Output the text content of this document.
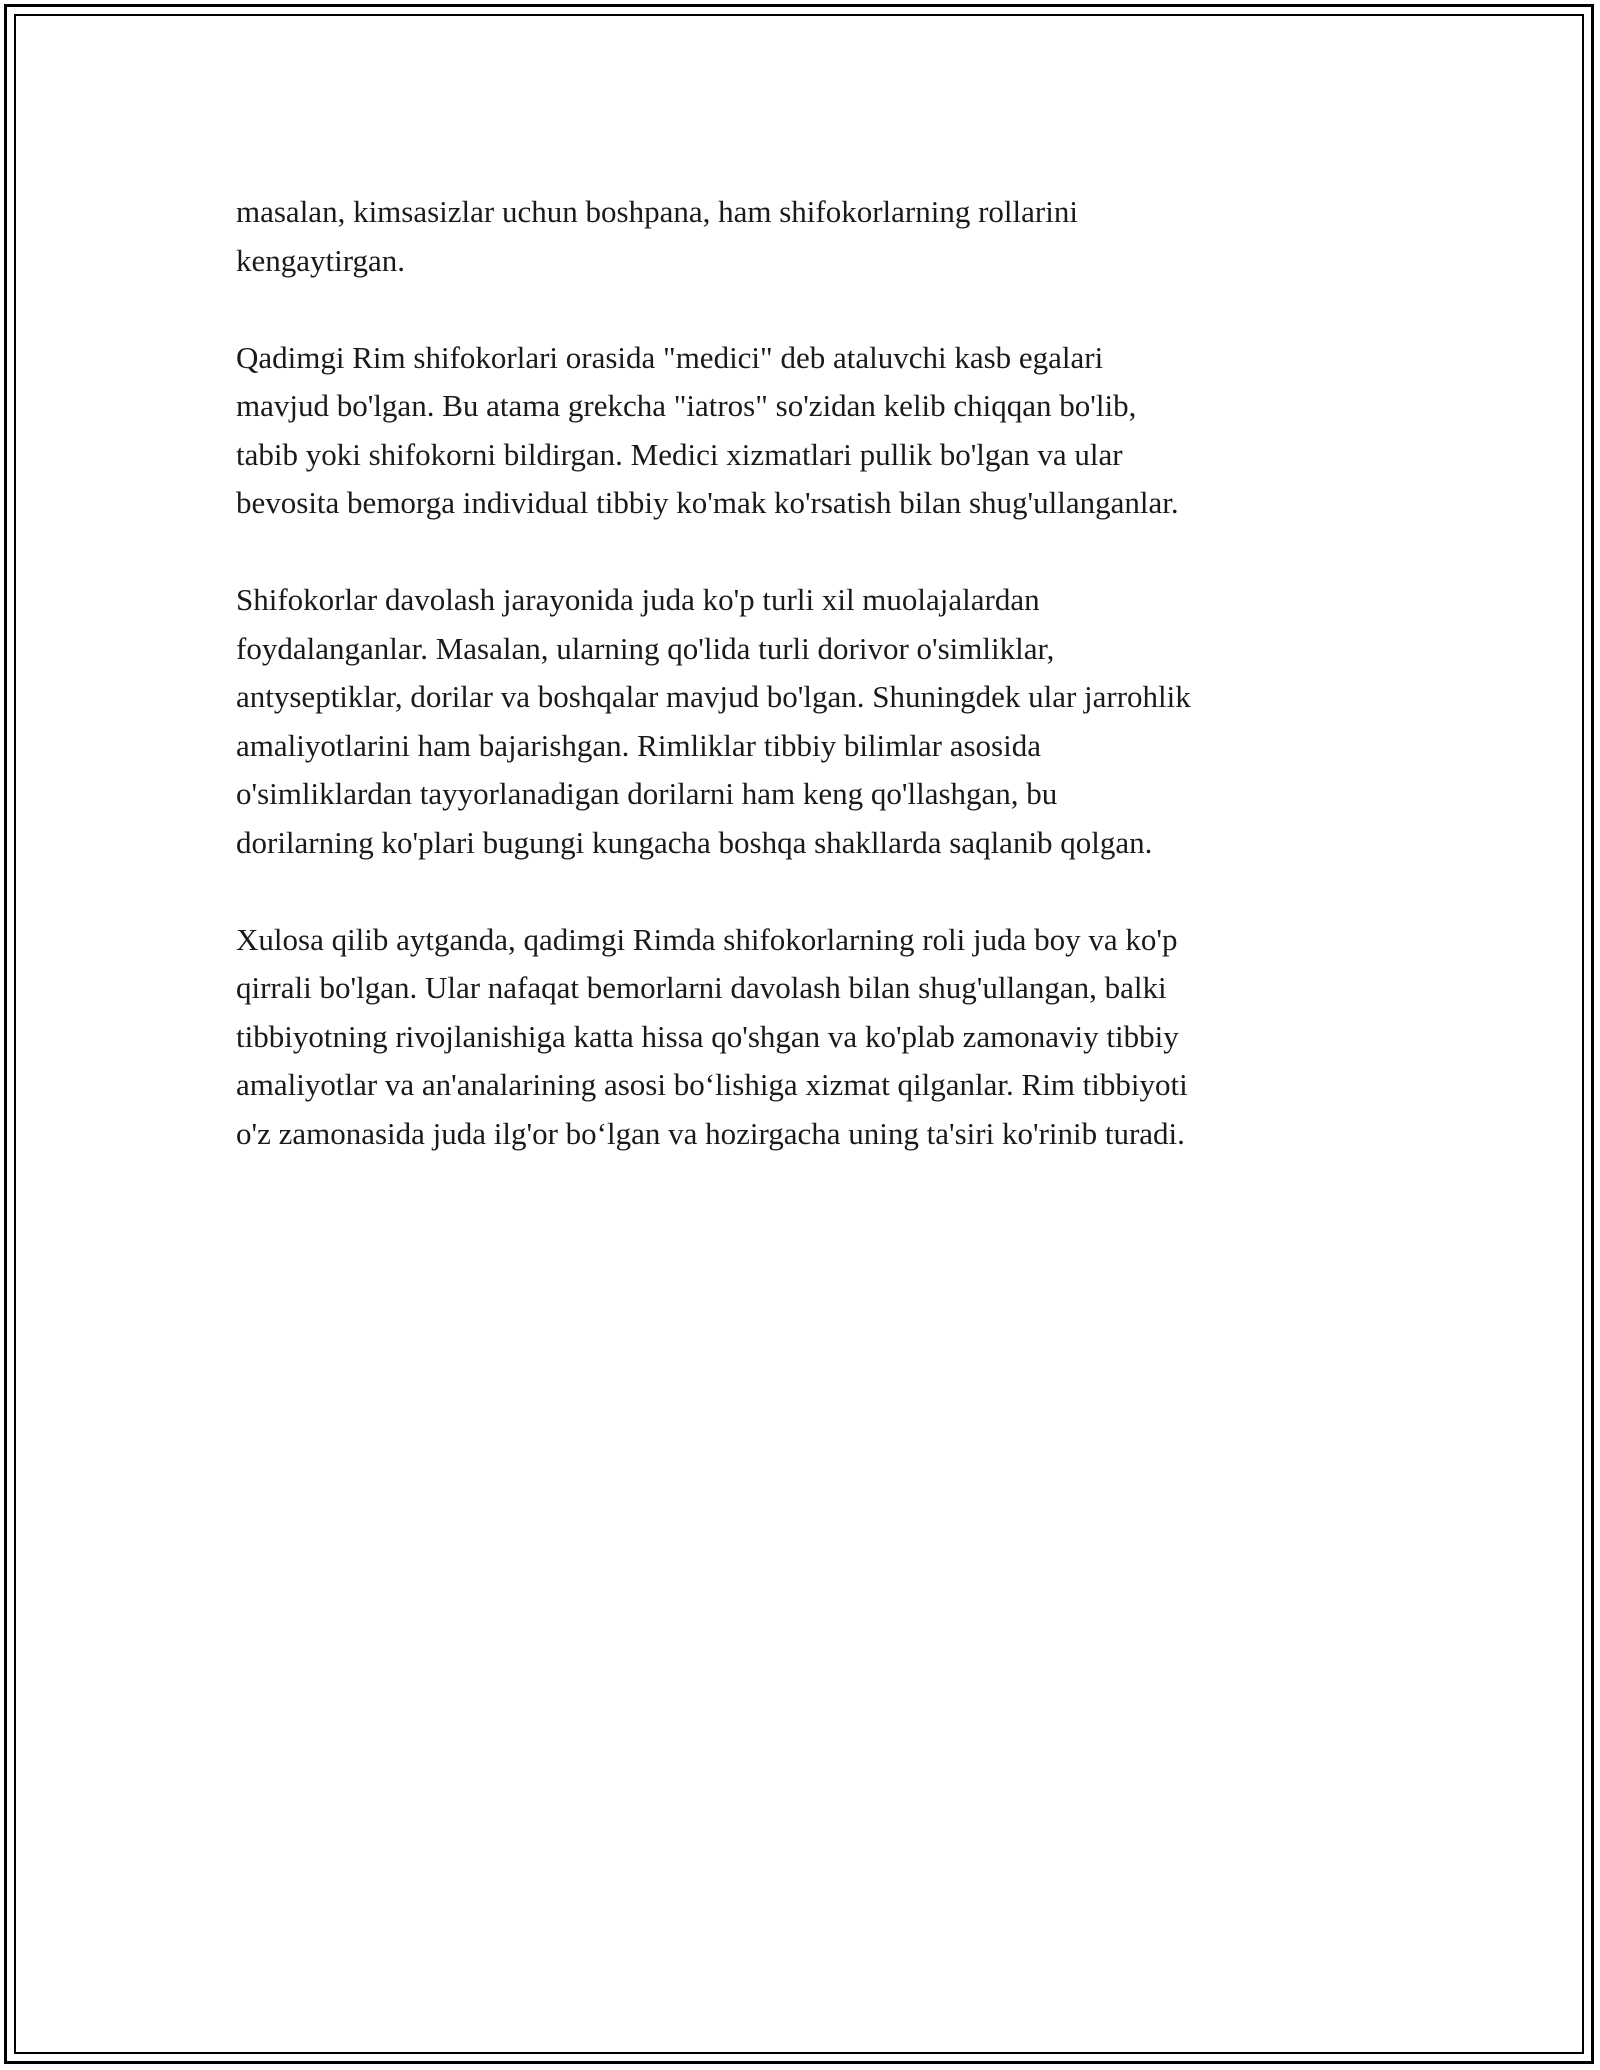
masalan, kimsasizlar uchun boshpana, ham shifokorlarning rollarini
kengaytirgan.

Qadimgi Rim shifokorlari orasida "medici" deb ataluvchi kasb egalari
mavjud bo'lgan. Bu atama grekcha "iatros" so'zidan kelib chiqqan bo'lib,
tabib yoki shifokorni bildirgan. Medici xizmatlari pullik bo'lgan va ular
bevosita bemorga individual tibbiy ko'mak ko'rsatish bilan shug'ullanganlar.

Shifokorlar davolash jarayonida juda ko'p turli xil muolajalardan
foydalanganlar. Masalan, ularning qo'lida turli dorivor o'simliklar,
antyseptiklar, dorilar va boshqalar mavjud bo'lgan. Shuningdek ular jarrohlik
amaliyotlarini ham bajarishgan. Rimliklar tibbiy bilimlar asosida
o'simliklardan tayyorlanadigan dorilarni ham keng qo'llashgan, bu
dorilarning ko'plari bugungi kungacha boshqa shakllarda saqlanib qolgan.

Xulosa qilib aytganda, qadimgi Rimda shifokorlarning roli juda boy va ko'p
qirrali bo'lgan. Ular nafaqat bemorlarni davolash bilan shug'ullangan, balki
tibbiyotning rivojlanishiga katta hissa qo'shgan va ko'plab zamonaviy tibbiy
amaliyotlar va an'analarining asosi bo‘lishiga xizmat qilganlar. Rim tibbiyoti
o'z zamonasida juda ilg'or bo‘lgan va hozirgacha uning ta'siri ko'rinib turadi.
